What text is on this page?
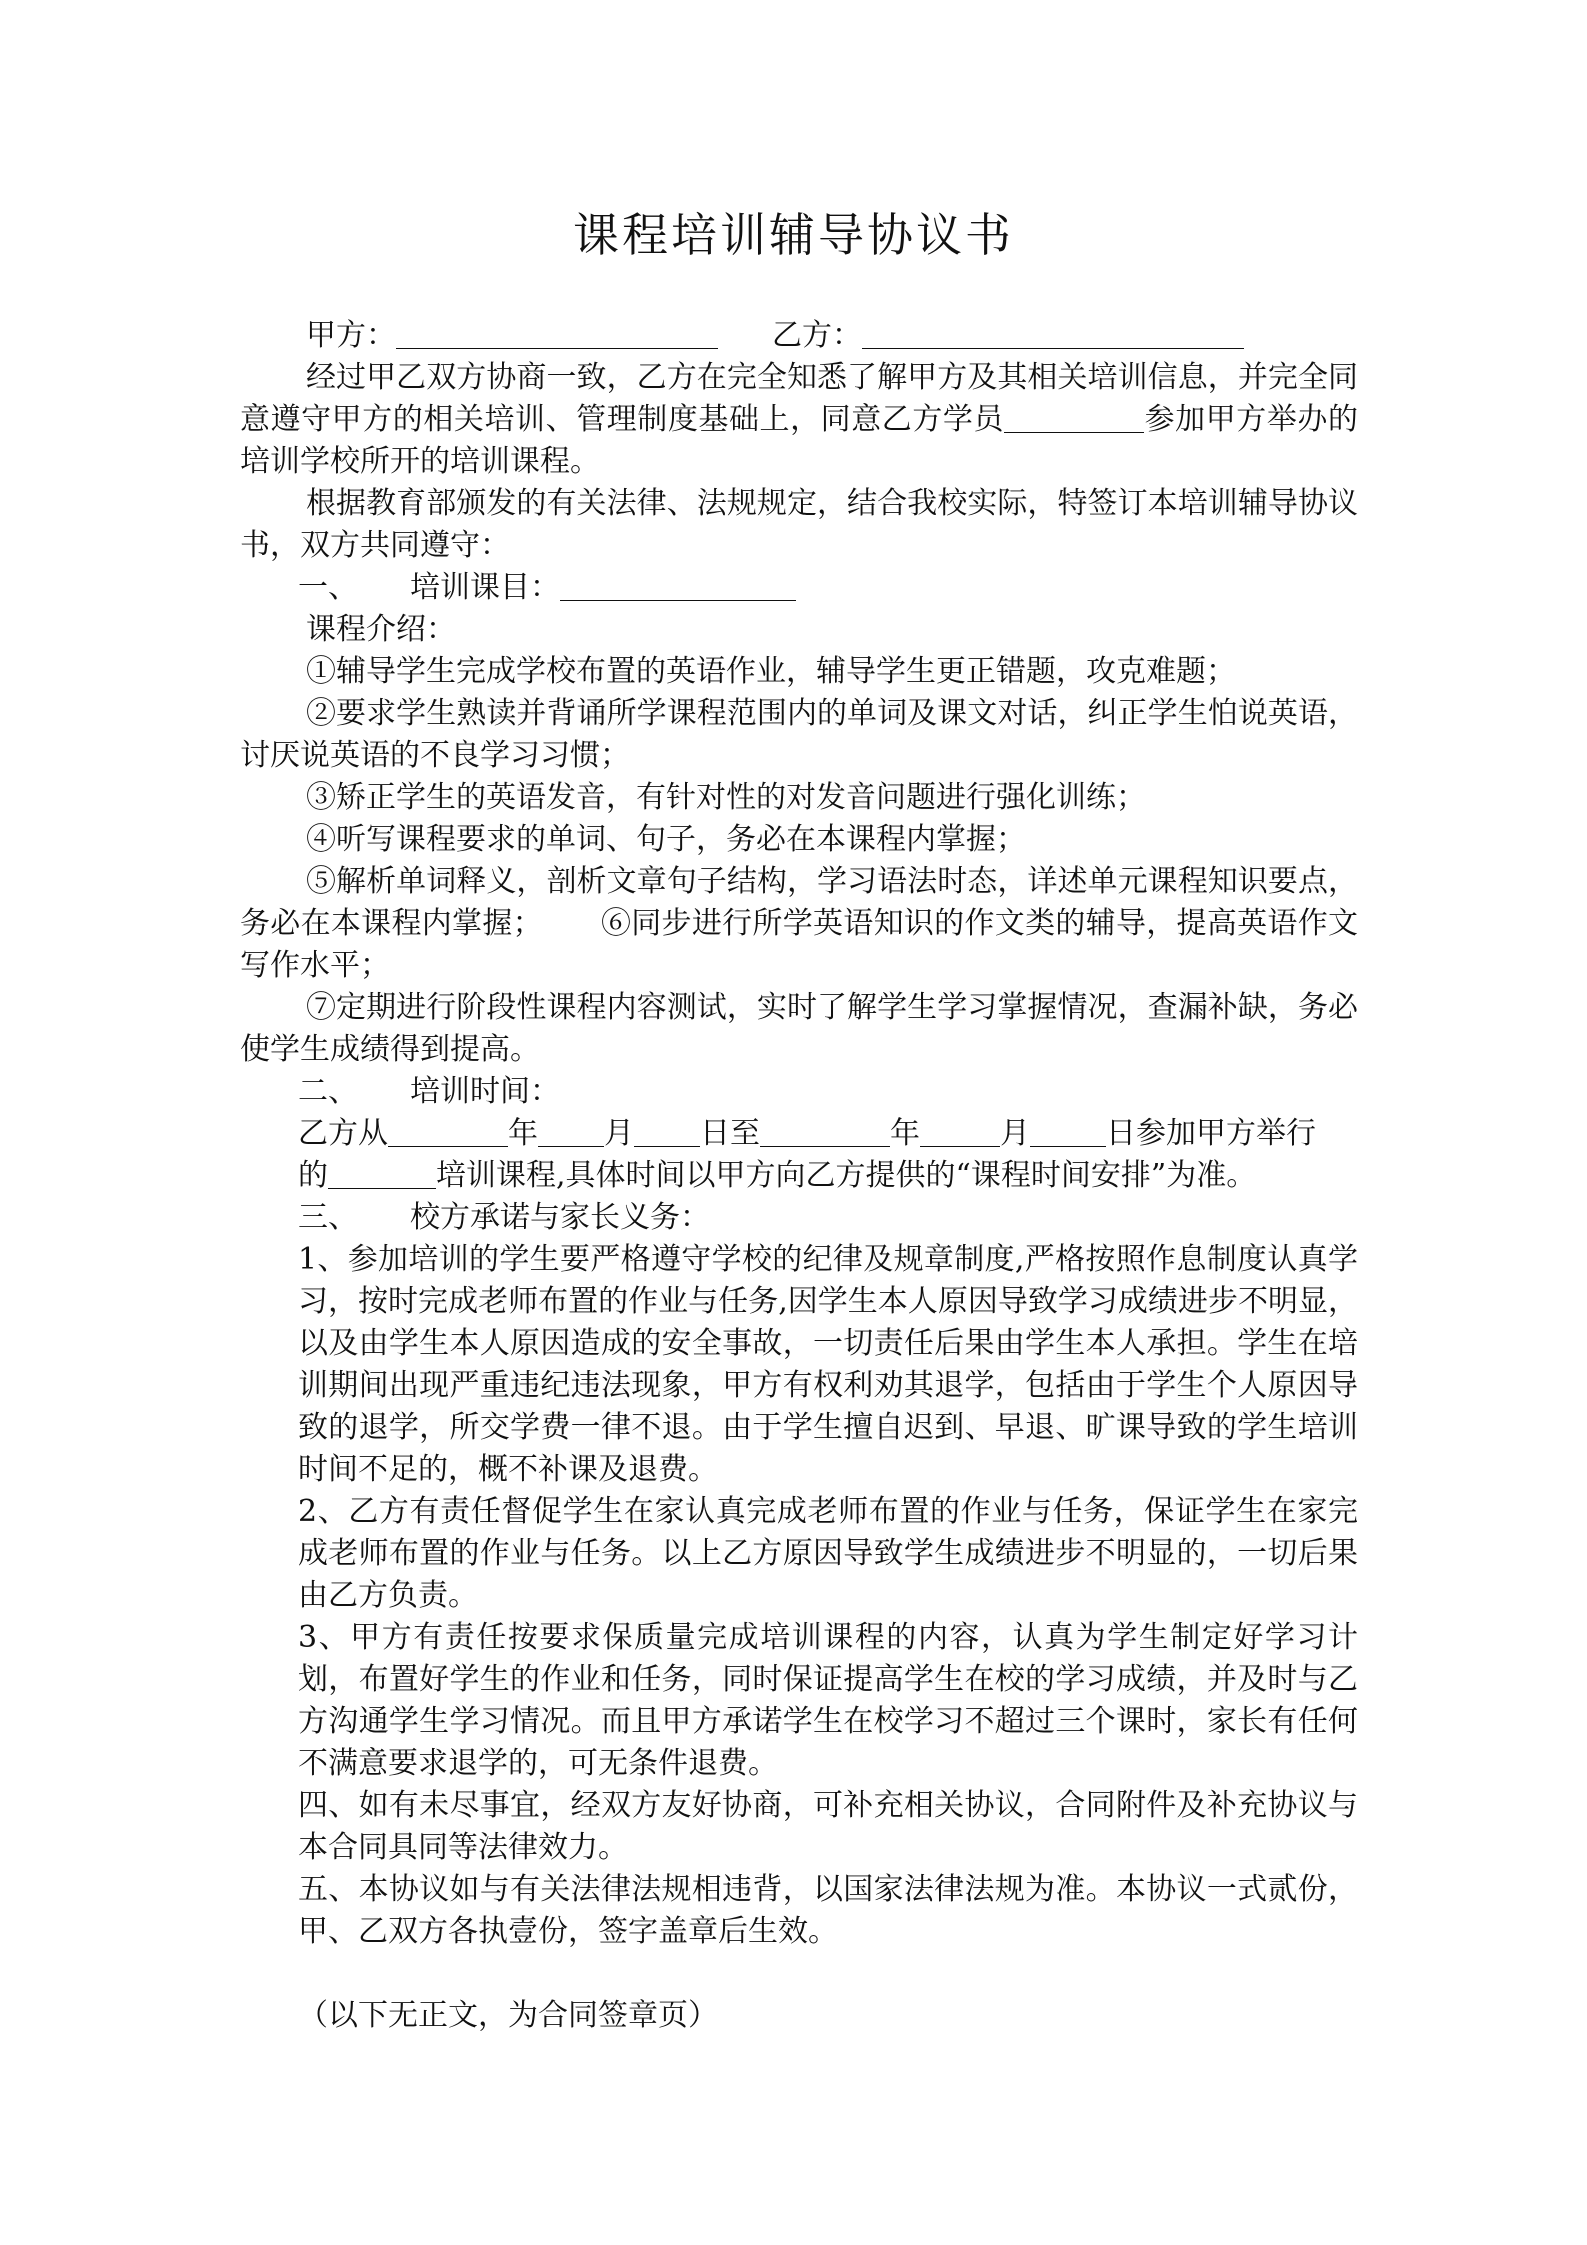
课程培训辅导协议书

甲方：	乙方：

经过甲乙双方协商一致，乙方在完全知悉了解甲方及其相关培训信息，并完全同意遵守甲方的相关培训、管理制度基础上，同意乙方学员	参加甲方举办的培训学校所开的培训课程。

根据教育部颁发的有关法律、法规规定，结合我校实际，特签订本培训辅导协议书，双方共同遵守：

一、 培训课目：

课程介绍：

①辅导学生完成学校布置的英语作业，辅导学生更正错题，攻克难题；

②要求学生熟读并背诵所学课程范围内的单词及课文对话，纠正学生怕说英语，讨厌说英语的不良学习习惯；

③矫正学生的英语发音，有针对性的对发音问题进行强化训练；

④听写课程要求的单词、句子，务必在本课程内掌握；

⑤解析单词释义，剖析文章句子结构，学习语法时态，详述单元课程知识要点，务必在本课程内掌握； ⑥同步进行所学英语知识的作文类的辅导，提高英语作文写作水平；

⑦定期进行阶段性课程内容测试，实时了解学生学习掌握情况，查漏补缺，务必使学生成绩得到提高。

二、 培训时间：

乙方从	年 月 日至	年	月	日参加甲方举行

的	培训课程,具体时间以甲方向乙方提供的“课程时间安排”为准。

三、 校方承诺与家长义务：

1、参加培训的学生要严格遵守学校的纪律及规章制度,严格按照作息制度认真学习，按时完成老师布置的作业与任务,因学生本人原因导致学习成绩进步不明显，以及由学生本人原因造成的安全事故，一切责任后果由学生本人承担。学生在培训期间出现严重违纪违法现象，甲方有权利劝其退学，包括由于学生个人原因导致的退学，所交学费一律不退。由于学生擅自迟到、早退、旷课导致的学生培训时间不足的，概不补课及退费。

2、乙方有责任督促学生在家认真完成老师布置的作业与任务，保证学生在家完成老师布置的作业与任务。以上乙方原因导致学生成绩进步不明显的，一切后果由乙方负责。

3、甲方有责任按要求保质量完成培训课程的内容，认真为学生制定好学习计划，布置好学生的作业和任务，同时保证提高学生在校的学习成绩，并及时与乙方沟通学生学习情况。而且甲方承诺学生在校学习不超过三个课时，家长有任何不满意要求退学的，可无条件退费。

四、如有未尽事宜，经双方友好协商，可补充相关协议，合同附件及补充协议与本合同具同等法律效力。

五、本协议如与有关法律法规相违背，以国家法律法规为准。本协议一式贰份，甲、乙双方各执壹份，签字盖章后生效。

（以下无正文，为合同签章页）
